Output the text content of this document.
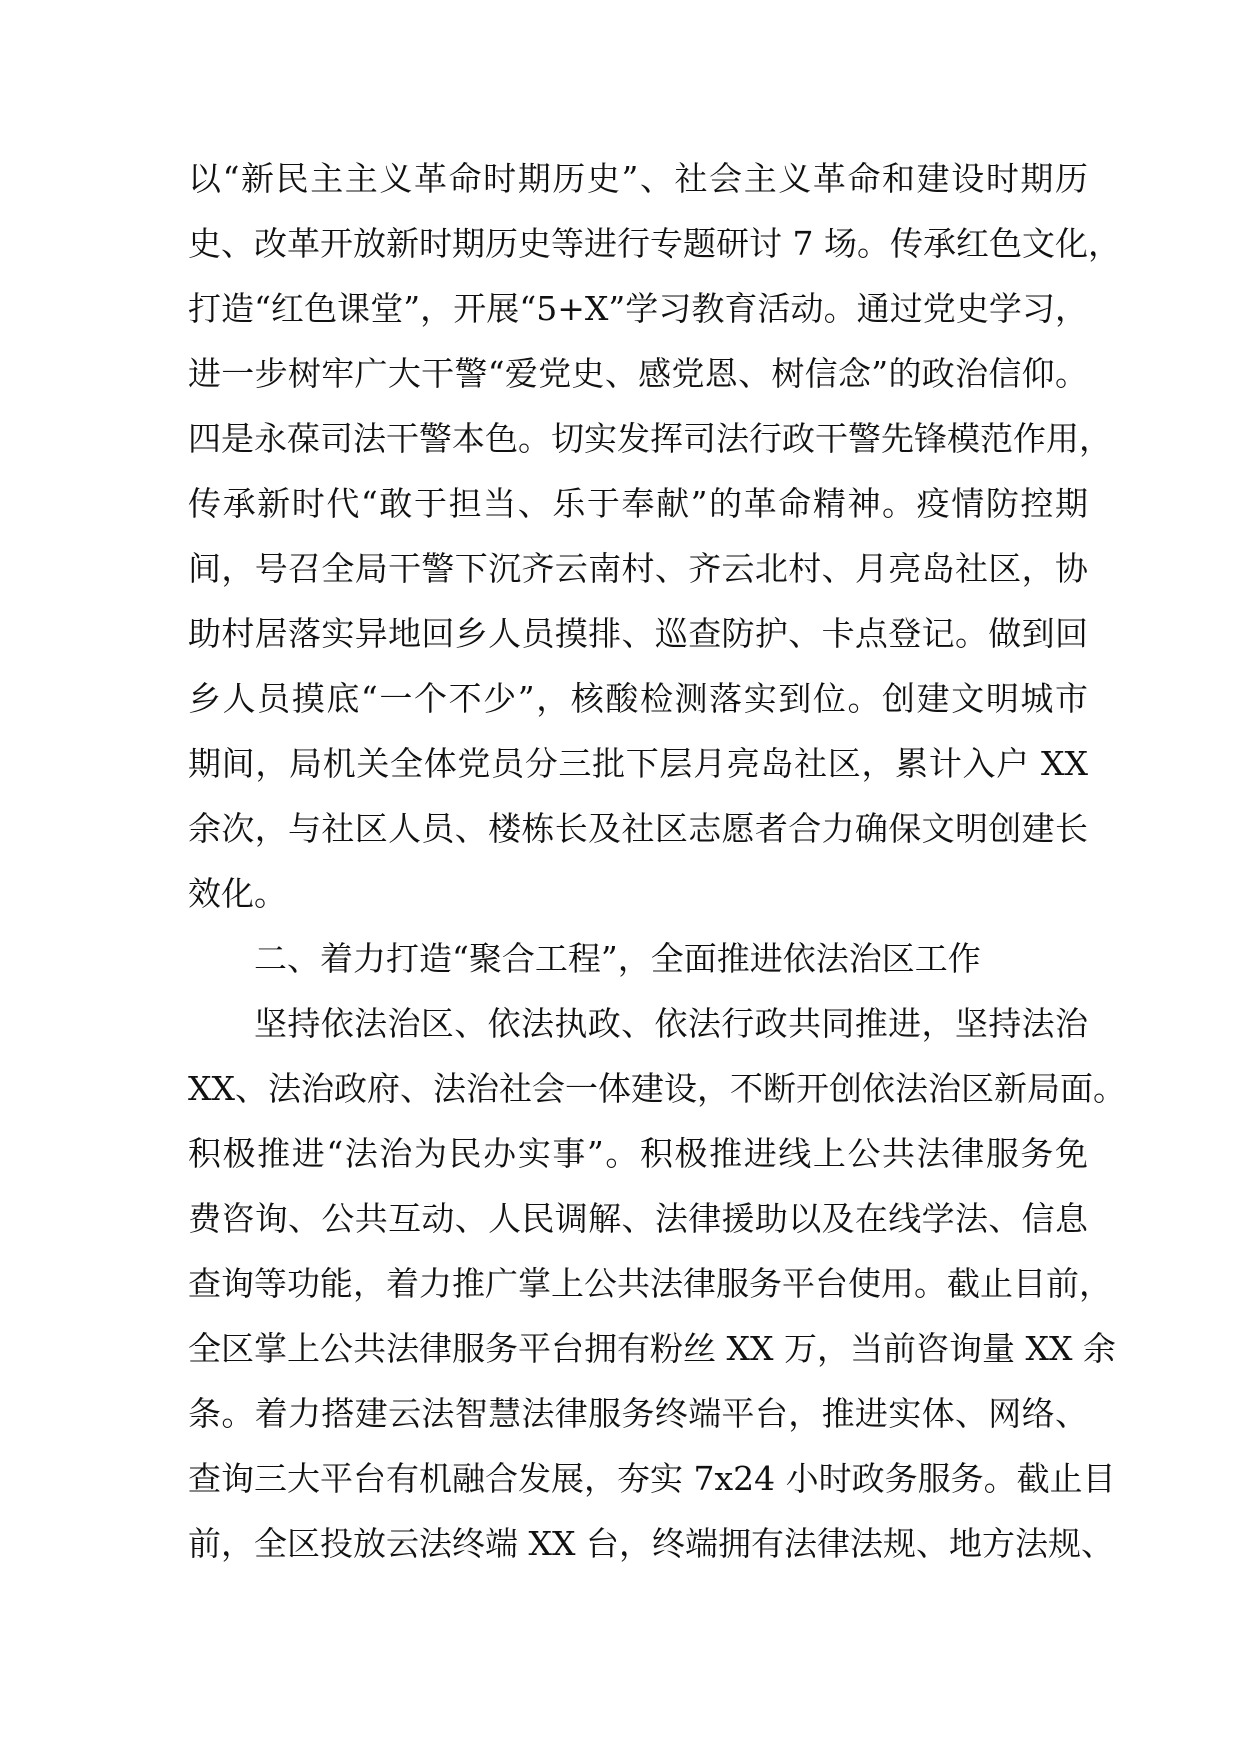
以“新民主主义革命时期历史”、社会主义革命和建设时期历
史、改革开放新时期历史等进行专题研讨 7 场。传承红色文化，
打造“红色课堂”，开展“5+X”学习教育活动。通过党史学习，
进一步树牢广大干警“爱党史、感党恩、树信念”的政治信仰。
四是永葆司法干警本色。切实发挥司法行政干警先锋模范作用，
传承新时代“敢于担当、乐于奉献”的革命精神。疫情防控期
间，号召全局干警下沉齐云南村、齐云北村、月亮岛社区，协
助村居落实异地回乡人员摸排、巡查防护、卡点登记。做到回
乡人员摸底“一个不少”，核酸检测落实到位。创建文明城市
期间，局机关全体党员分三批下层月亮岛社区，累计入户 XX
余次，与社区人员、楼栋长及社区志愿者合力确保文明创建长
效化。
二、着力打造“聚合工程”，全面推进依法治区工作
坚持依法治区、依法执政、依法行政共同推进，坚持法治
XX、法治政府、法治社会一体建设，不断开创依法治区新局面。
积极推进“法治为民办实事”。积极推进线上公共法律服务免
费咨询、公共互动、人民调解、法律援助以及在线学法、信息
查询等功能，着力推广掌上公共法律服务平台使用。截止目前，
全区掌上公共法律服务平台拥有粉丝 XX 万，当前咨询量 XX 余
条。着力搭建云法智慧法律服务终端平台，推进实体、网络、
查询三大平台有机融合发展，夯实 7x24 小时政务服务。截止目
前，全区投放云法终端 XX 台，终端拥有法律法规、地方法规、
